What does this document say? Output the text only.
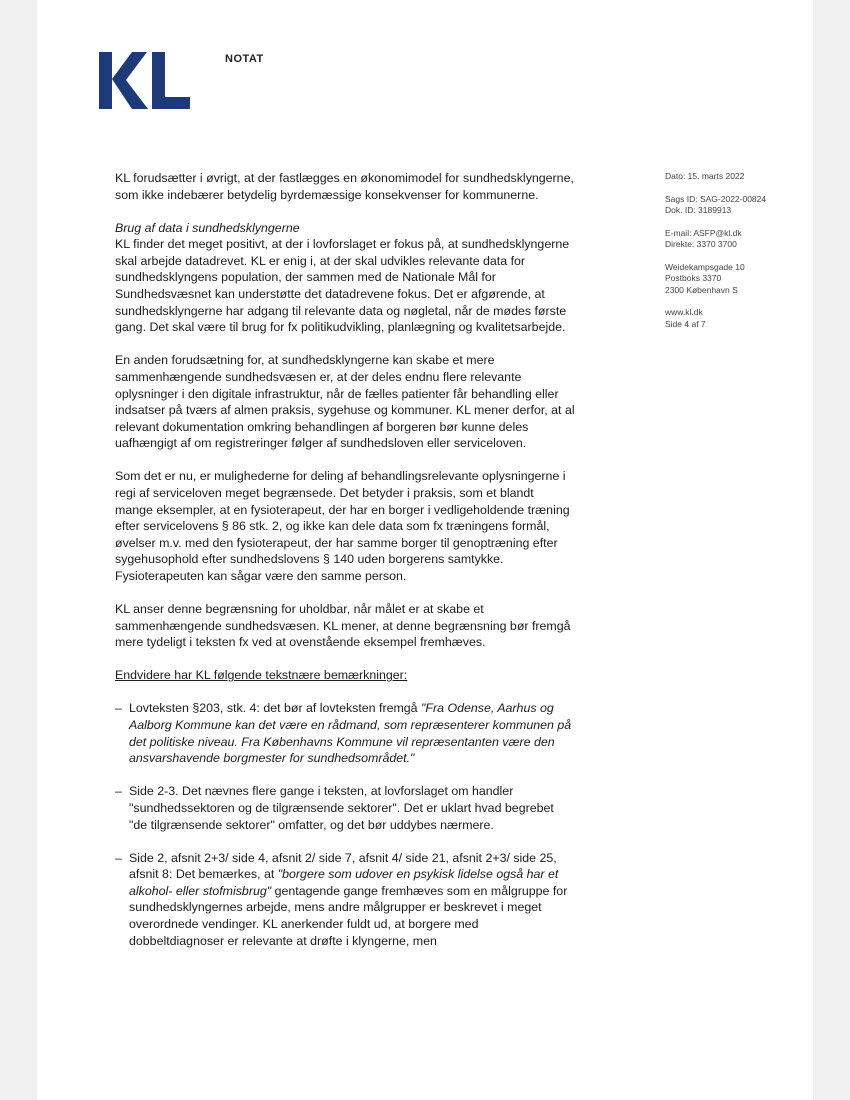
NOTAT
Dato: 15. marts 2022
Sags ID: SAG-2022-00824
Dok. ID: 3189913
E-mail: ASFP@kl.dk
Direkte: 3370 3700
Weidekampsgade 10
Postboks 3370
2300 København S
www.kl.dk
Side 4 af 7

KL forudsætter i øvrigt, at der fastlægges en økonomimodel for sundhedsklyngerne, som ikke indebærer betydelig byrdemæssige konsekvenser for kommunerne.

Brug af data i sundhedsklyngerne
KL finder det meget positivt, at der i lovforslaget er fokus på, at sundhedsklyngerne skal arbejde datadrevet. KL er enig i, at der skal udvikles relevante data for sundhedsklyngens population, der sammen med de Nationale Mål for Sundhedsvæsnet kan understøtte det datadrevene fokus. Det er afgørende, at sundhedsklyngerne har adgang til relevante data og nøgletal, når de mødes første gang. Det skal være til brug for fx politikudvikling, planlægning og kvalitetsarbejde.

En anden forudsætning for, at sundhedsklyngerne kan skabe et mere sammenhængende sundhedsvæsen er, at der deles endnu flere relevante oplysninger i den digitale infrastruktur, når de fælles patienter får behandling eller indsatser på tværs af almen praksis, sygehuse og kommuner. KL mener derfor, at al relevant dokumentation omkring behandlingen af borgeren bør kunne deles uafhængigt af om registreringer følger af sundhedsloven eller serviceloven.

Som det er nu, er mulighederne for deling af behandlingsrelevante oplysningerne i regi af serviceloven meget begrænsede. Det betyder i praksis, som et blandt mange eksempler, at en fysioterapeut, der har en borger i vedligeholdende træning efter servicelovens § 86 stk. 2, og ikke kan dele data som fx træningens formål, øvelser m.v. med den fysioterapeut, der har samme borger til genoptræning efter sygehusophold efter sundhedslovens § 140 uden borgerens samtykke. Fysioterapeuten kan sågar være den samme person.

KL anser denne begrænsning for uholdbar, når målet er at skabe et sammenhængende sundhedsvæsen. KL mener, at denne begrænsning bør fremgå mere tydeligt i teksten fx ved at ovenstående eksempel fremhæves.

Endvidere har KL følgende tekstnære bemærkninger:

– Lovteksten §203, stk. 4: det bør af lovteksten fremgå "Fra Odense, Aarhus og Aalborg Kommune kan det være en rådmand, som repræsenterer kommunen på det politiske niveau. Fra Københavns Kommune vil repræsentanten være den ansvarshavende borgmester for sundhedsområdet."
– Side 2-3. Det nævnes flere gange i teksten, at lovforslaget om handler "sundhedssektoren og de tilgrænsende sektorer". Det er uklart hvad begrebet "de tilgrænsende sektorer" omfatter, og det bør uddybes nærmere.
– Side 2, afsnit 2+3/ side 4, afsnit 2/ side 7, afsnit 4/ side 21, afsnit 2+3/ side 25, afsnit 8: Det bemærkes, at "borgere som udover en psykisk lidelse også har et alkohol- eller stofmisbrug" gentagende gange fremhæves som en målgruppe for sundhedsklyngernes arbejde, mens andre målgrupper er beskrevet i meget overordnede vendinger. KL anerkender fuldt ud, at borgere med dobbeltdiagnoser er relevante at drøfte i klyngerne, men
